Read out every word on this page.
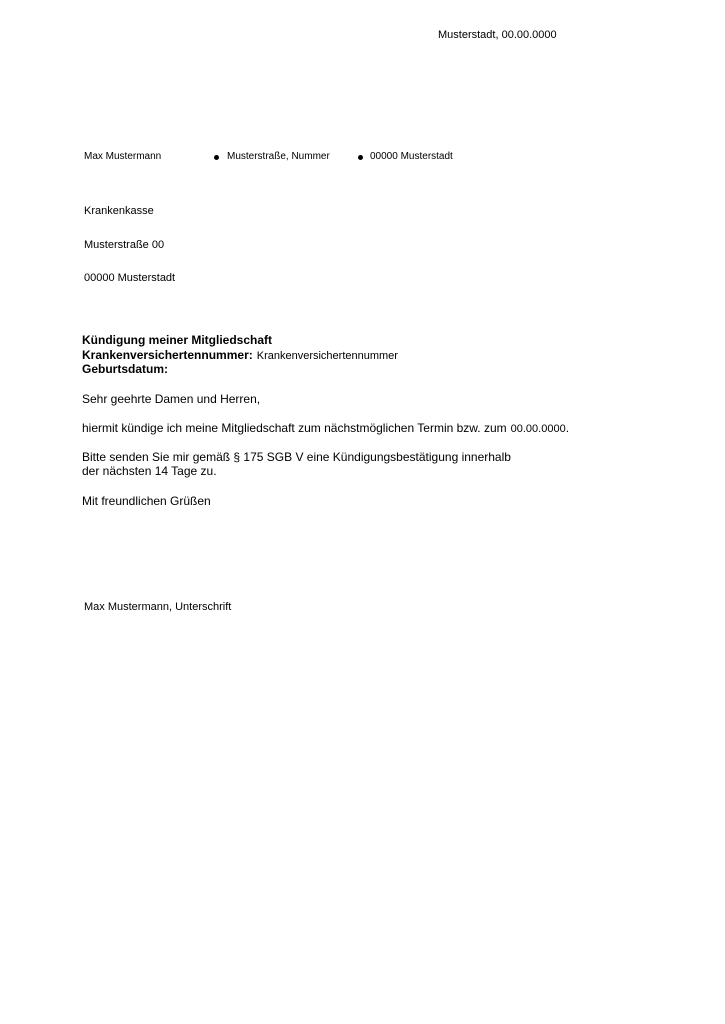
Musterstadt, 00.00.0000
Max Mustermann	Musterstraße, Nummer	00000 Musterstadt
Krankenkasse
Musterstraße 00
00000 Musterstadt
Kündigung meiner Mitgliedschaft
Krankenversichertennummer: Krankenversichertennummer
Geburtsdatum:
Sehr geehrte Damen und Herren,
hiermit kündige ich meine Mitgliedschaft zum nächstmöglichen Termin bzw. zum 00.00.0000.
Bitte senden Sie mir gemäß § 175 SGB V eine Kündigungsbestätigung innerhalb
der nächsten 14 Tage zu.
Mit freundlichen Grüßen
Max Mustermann, Unterschrift
